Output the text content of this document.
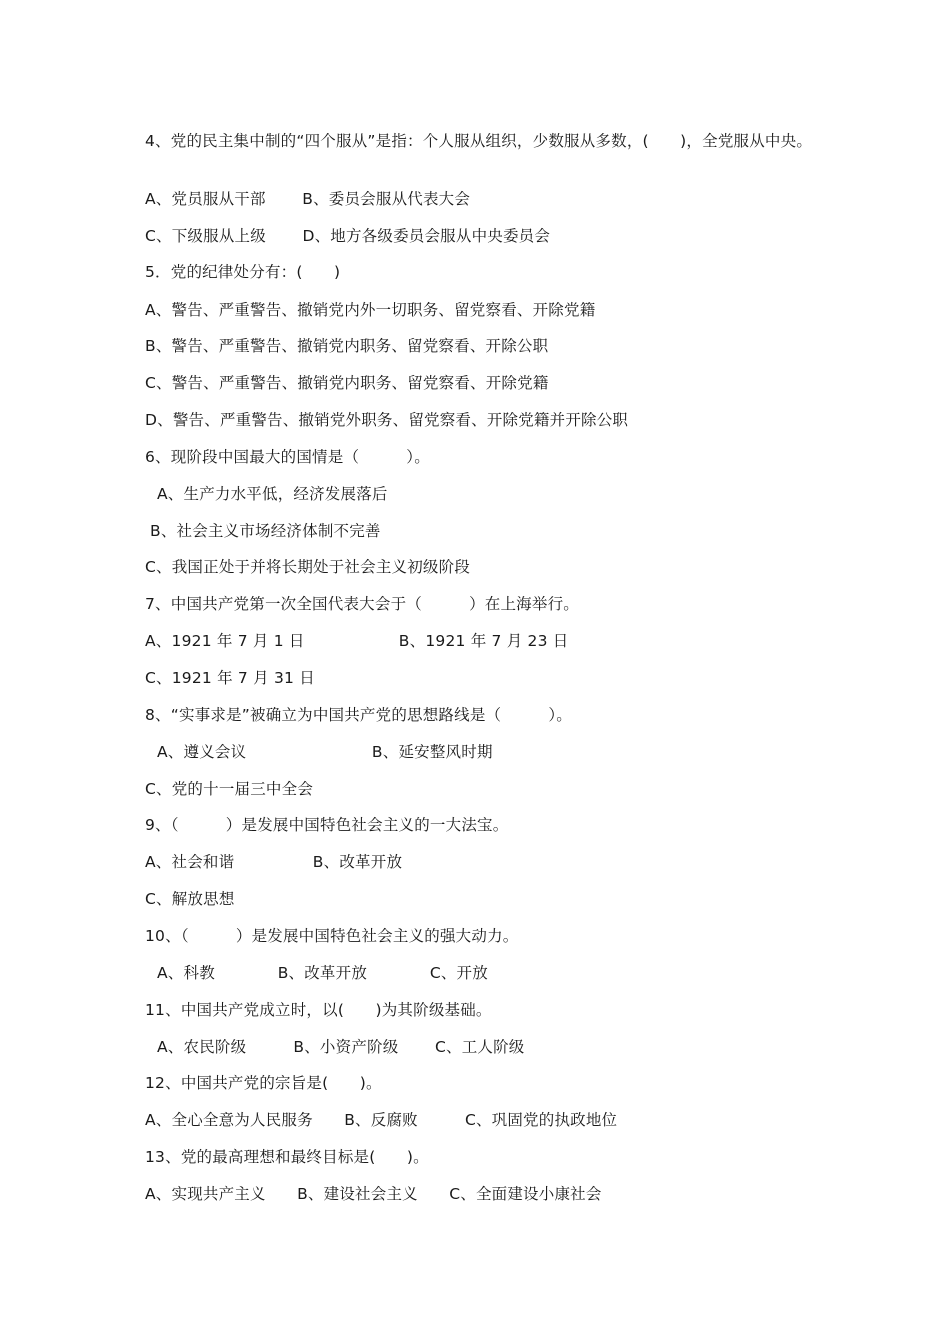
4、党的民主集中制的“四个服从”是指：个人服从组织，少数服从多数，(　　)，全党服从中央。
A、党员服从干部　　 B、委员会服从代表大会
C、下级服从上级　　 D、地方各级委员会服从中央委员会
5．党的纪律处分有：(　　)
A、警告、严重警告、撤销党内外一切职务、留党察看、开除党籍
B、警告、严重警告、撤销党内职务、留党察看、开除公职
C、警告、严重警告、撤销党内职务、留党察看、开除党籍
D、警告、严重警告、撤销党外职务、留党察看、开除党籍并开除公职
6、现阶段中国最大的国情是（　　　）。
A、生产力水平低，经济发展落后
B、社会主义市场经济体制不完善
C、我国正处于并将长期处于社会主义初级阶段
7、中国共产党第一次全国代表大会于（　　　）在上海举行。
A、1921 年 7 月 1 日　　　　　　B、1921 年 7 月 23 日
C、1921 年 7 月 31 日
8、“实事求是”被确立为中国共产党的思想路线是（　　　）。
A、遵义会议　　　　　　　　B、延安整风时期
C、党的十一届三中全会
9、（　　　）是发展中国特色社会主义的一大法宝。
A、社会和谐　　　　　B、改革开放
C、解放思想
10、（　　　）是发展中国特色社会主义的强大动力。
A、科教　　　　B、改革开放　　　　C、开放
11、中国共产党成立时，以(　　)为其阶级基础。
A、农民阶级　　　B、小资产阶级　　 C、工人阶级
12、中国共产党的宗旨是(　　)。
A、全心全意为人民服务　　B、反腐败　　　C、巩固党的执政地位
13、党的最高理想和最终目标是(　　)。
A、实现共产主义　　B、建设社会主义　　C、全面建设小康社会
